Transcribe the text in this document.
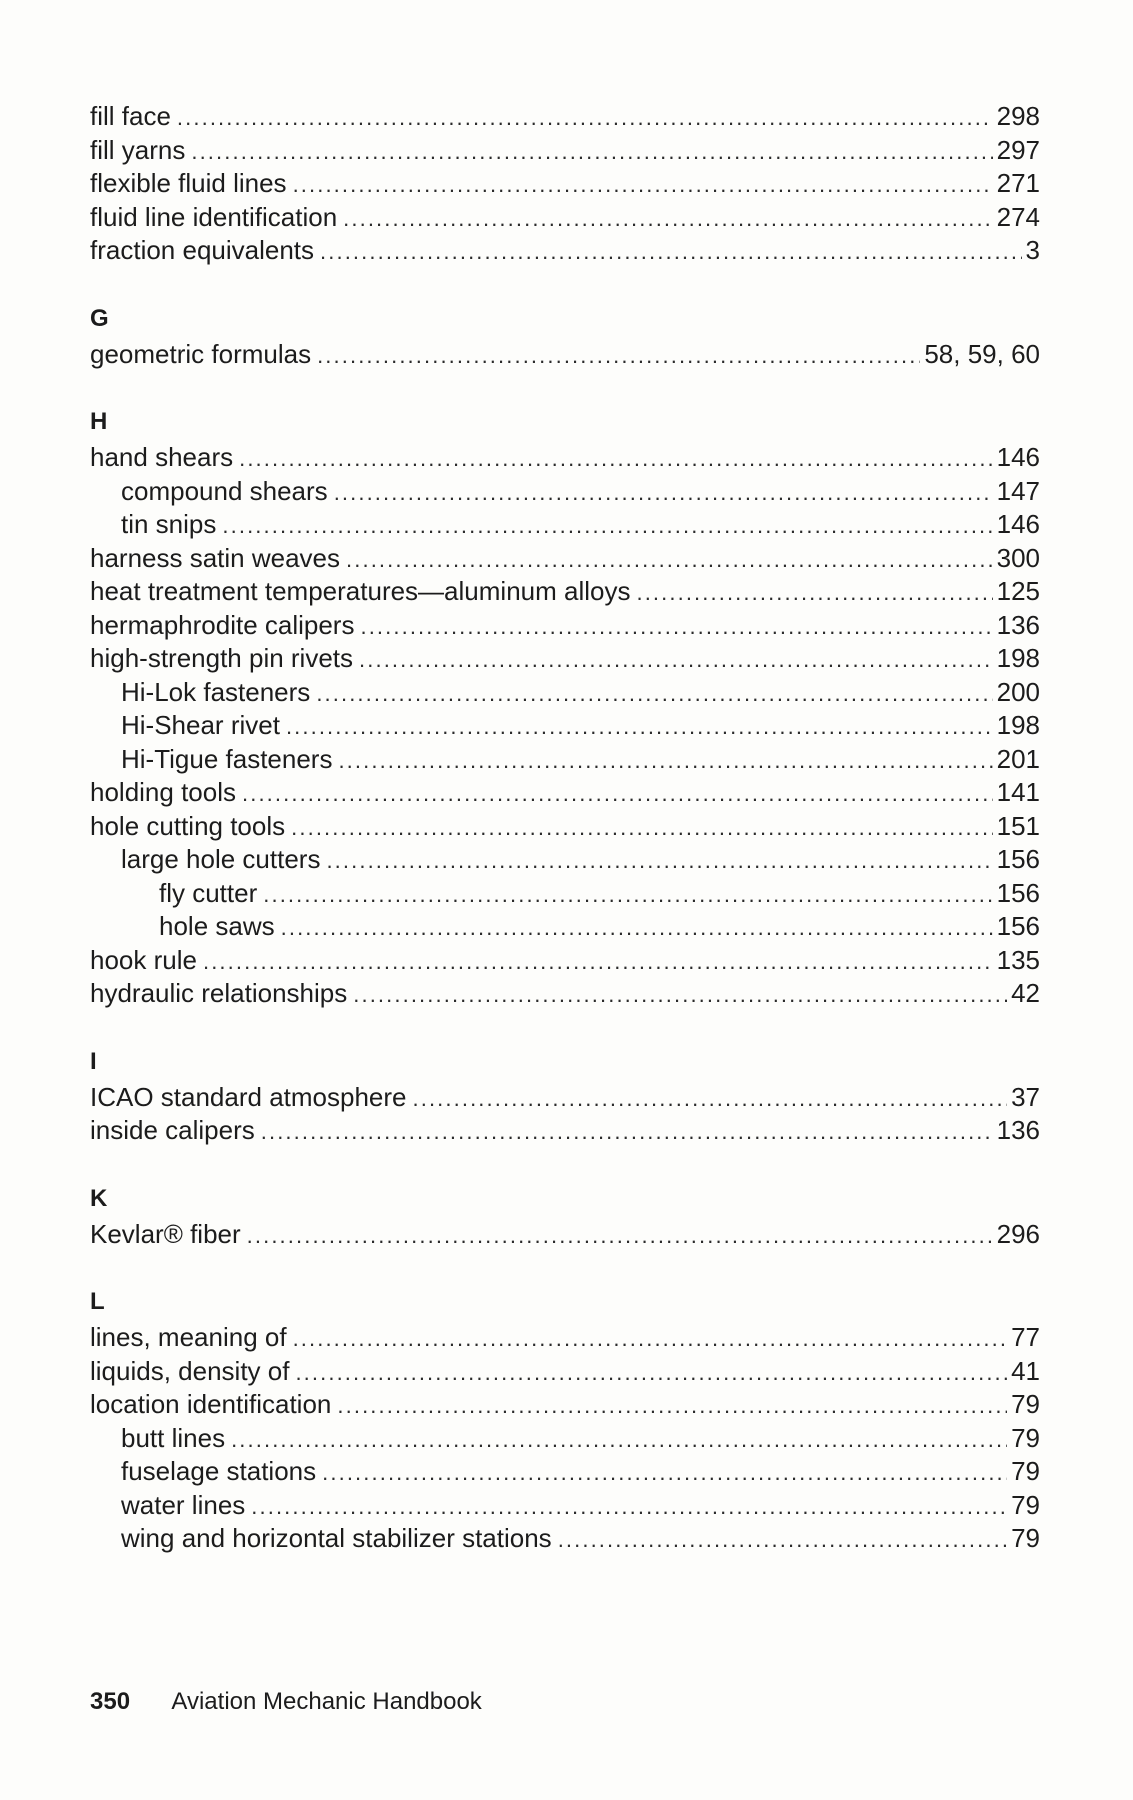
fill face . . .	298
fill yarns . . .	297
flexible fluid lines . . .	271
fluid line identification . . .	274
fraction equivalents . . .	3
G
geometric formulas . . .	58, 59, 60
H
hand shears . . .	146
compound shears . . .	147
tin snips . . .	146
harness satin weaves . . .	300
heat treatment temperatures—aluminum alloys . . .	125
hermaphrodite calipers . . .	136
high-strength pin rivets . . .	198
Hi-Lok fasteners . . .	200
Hi-Shear rivet . . .	198
Hi-Tigue fasteners . . .	201
holding tools . . .	141
hole cutting tools . . .	151
large hole cutters . . .	156
fly cutter . . .	156
hole saws . . .	156
hook rule . . .	135
hydraulic relationships . . .	42
I
ICAO standard atmosphere . . .	37
inside calipers . . .	136
K
Kevlar® fiber . . .	296
L
lines, meaning of . . .	77
liquids, density of . . .	41
location identification . . .	79
butt lines . . .	79
fuselage stations . . .	79
water lines . . .	79
wing and horizontal stabilizer stations . . .	79
350 Aviation Mechanic Handbook
